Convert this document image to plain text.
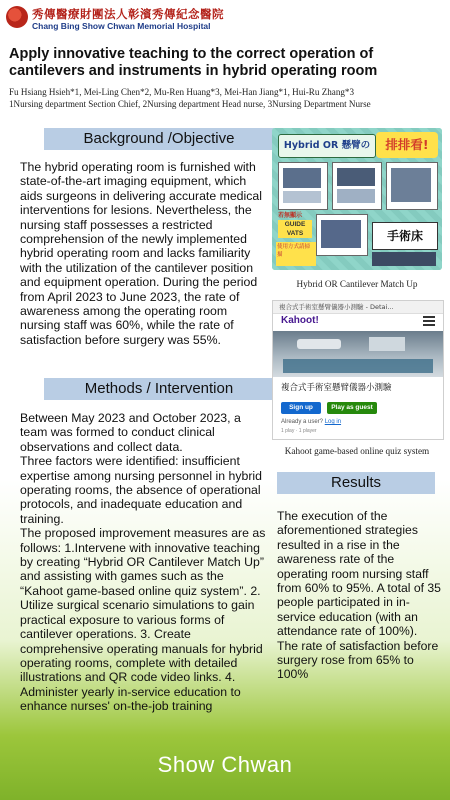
秀傳醫療財團法人彰濱秀傳紀念醫院
Chang Bing Show Chwan Memorial Hospital
Apply innovative teaching to the correct operation of cantilevers and instruments in hybrid operating room
Fu Hsiang Hsieh*1, Mei-Ling Chen*2, Mu-Ren Huang*3, Mei-Han Jiang*1, Hui-Ru Zhang*3
1Nursing department Section Chief, 2Nursing department Head nurse, 3Nursing Department Nurse
Background /Objective
The hybrid operating room is furnished with state-of-the-art imaging equipment, which aids surgeons in delivering accurate medical interventions for lesions. Nevertheless, the nursing staff possesses a restricted comprehension of the newly implemented hybrid operating room and lacks familiarity with the utilization of the cantilever position and equipment operation. During the period from April 2023 to June 2023, the rate of awareness among the operating room nursing staff was 60%, while the rate of satisfaction before surgery was 55%.
Methods / Intervention
Between May 2023 and October 2023, a team was formed to conduct clinical observations and collect data.
Three factors were identified: insufficient expertise among nursing personnel in hybrid operating rooms, the absence of operational protocols, and inadequate education and training.
The proposed improvement measures are as follows: 1.Intervene with innovative teaching by creating “Hybrid OR Cantilever Match Up” and assisting with games such as the “Kahoot game-based online quiz system”. 2. Utilize surgical scenario simulations to gain practical exposure to various forms of cantilever operations. 3. Create comprehensive operating manuals for hybrid operating rooms, complete with detailed illustrations and QR code video links. 4. Administer yearly in-service education to enhance nurses' on-the-job training
Hybrid OR 懸臂の	排排看!
若無顯示
GUIDE VATS	手術床
使用方式請掃描
Hybrid OR Cantilever Match Up
複合式手術室懸臂儀器小測驗 - Detai...
Kahoot!
複合式手術室懸臂儀器小測驗
Sign up	Play as guest
Already a user? Log in
1 play · 1 player
Kahoot game-based online quiz system
Results
The execution of the aforementioned strategies resulted in a rise in the awareness rate of the operating room nursing staff from 60% to 95%. A total of 35 people participated in in-service education (with an attendance rate of 100%).
The rate of satisfaction before surgery rose from 65% to 100%
Show Chwan
